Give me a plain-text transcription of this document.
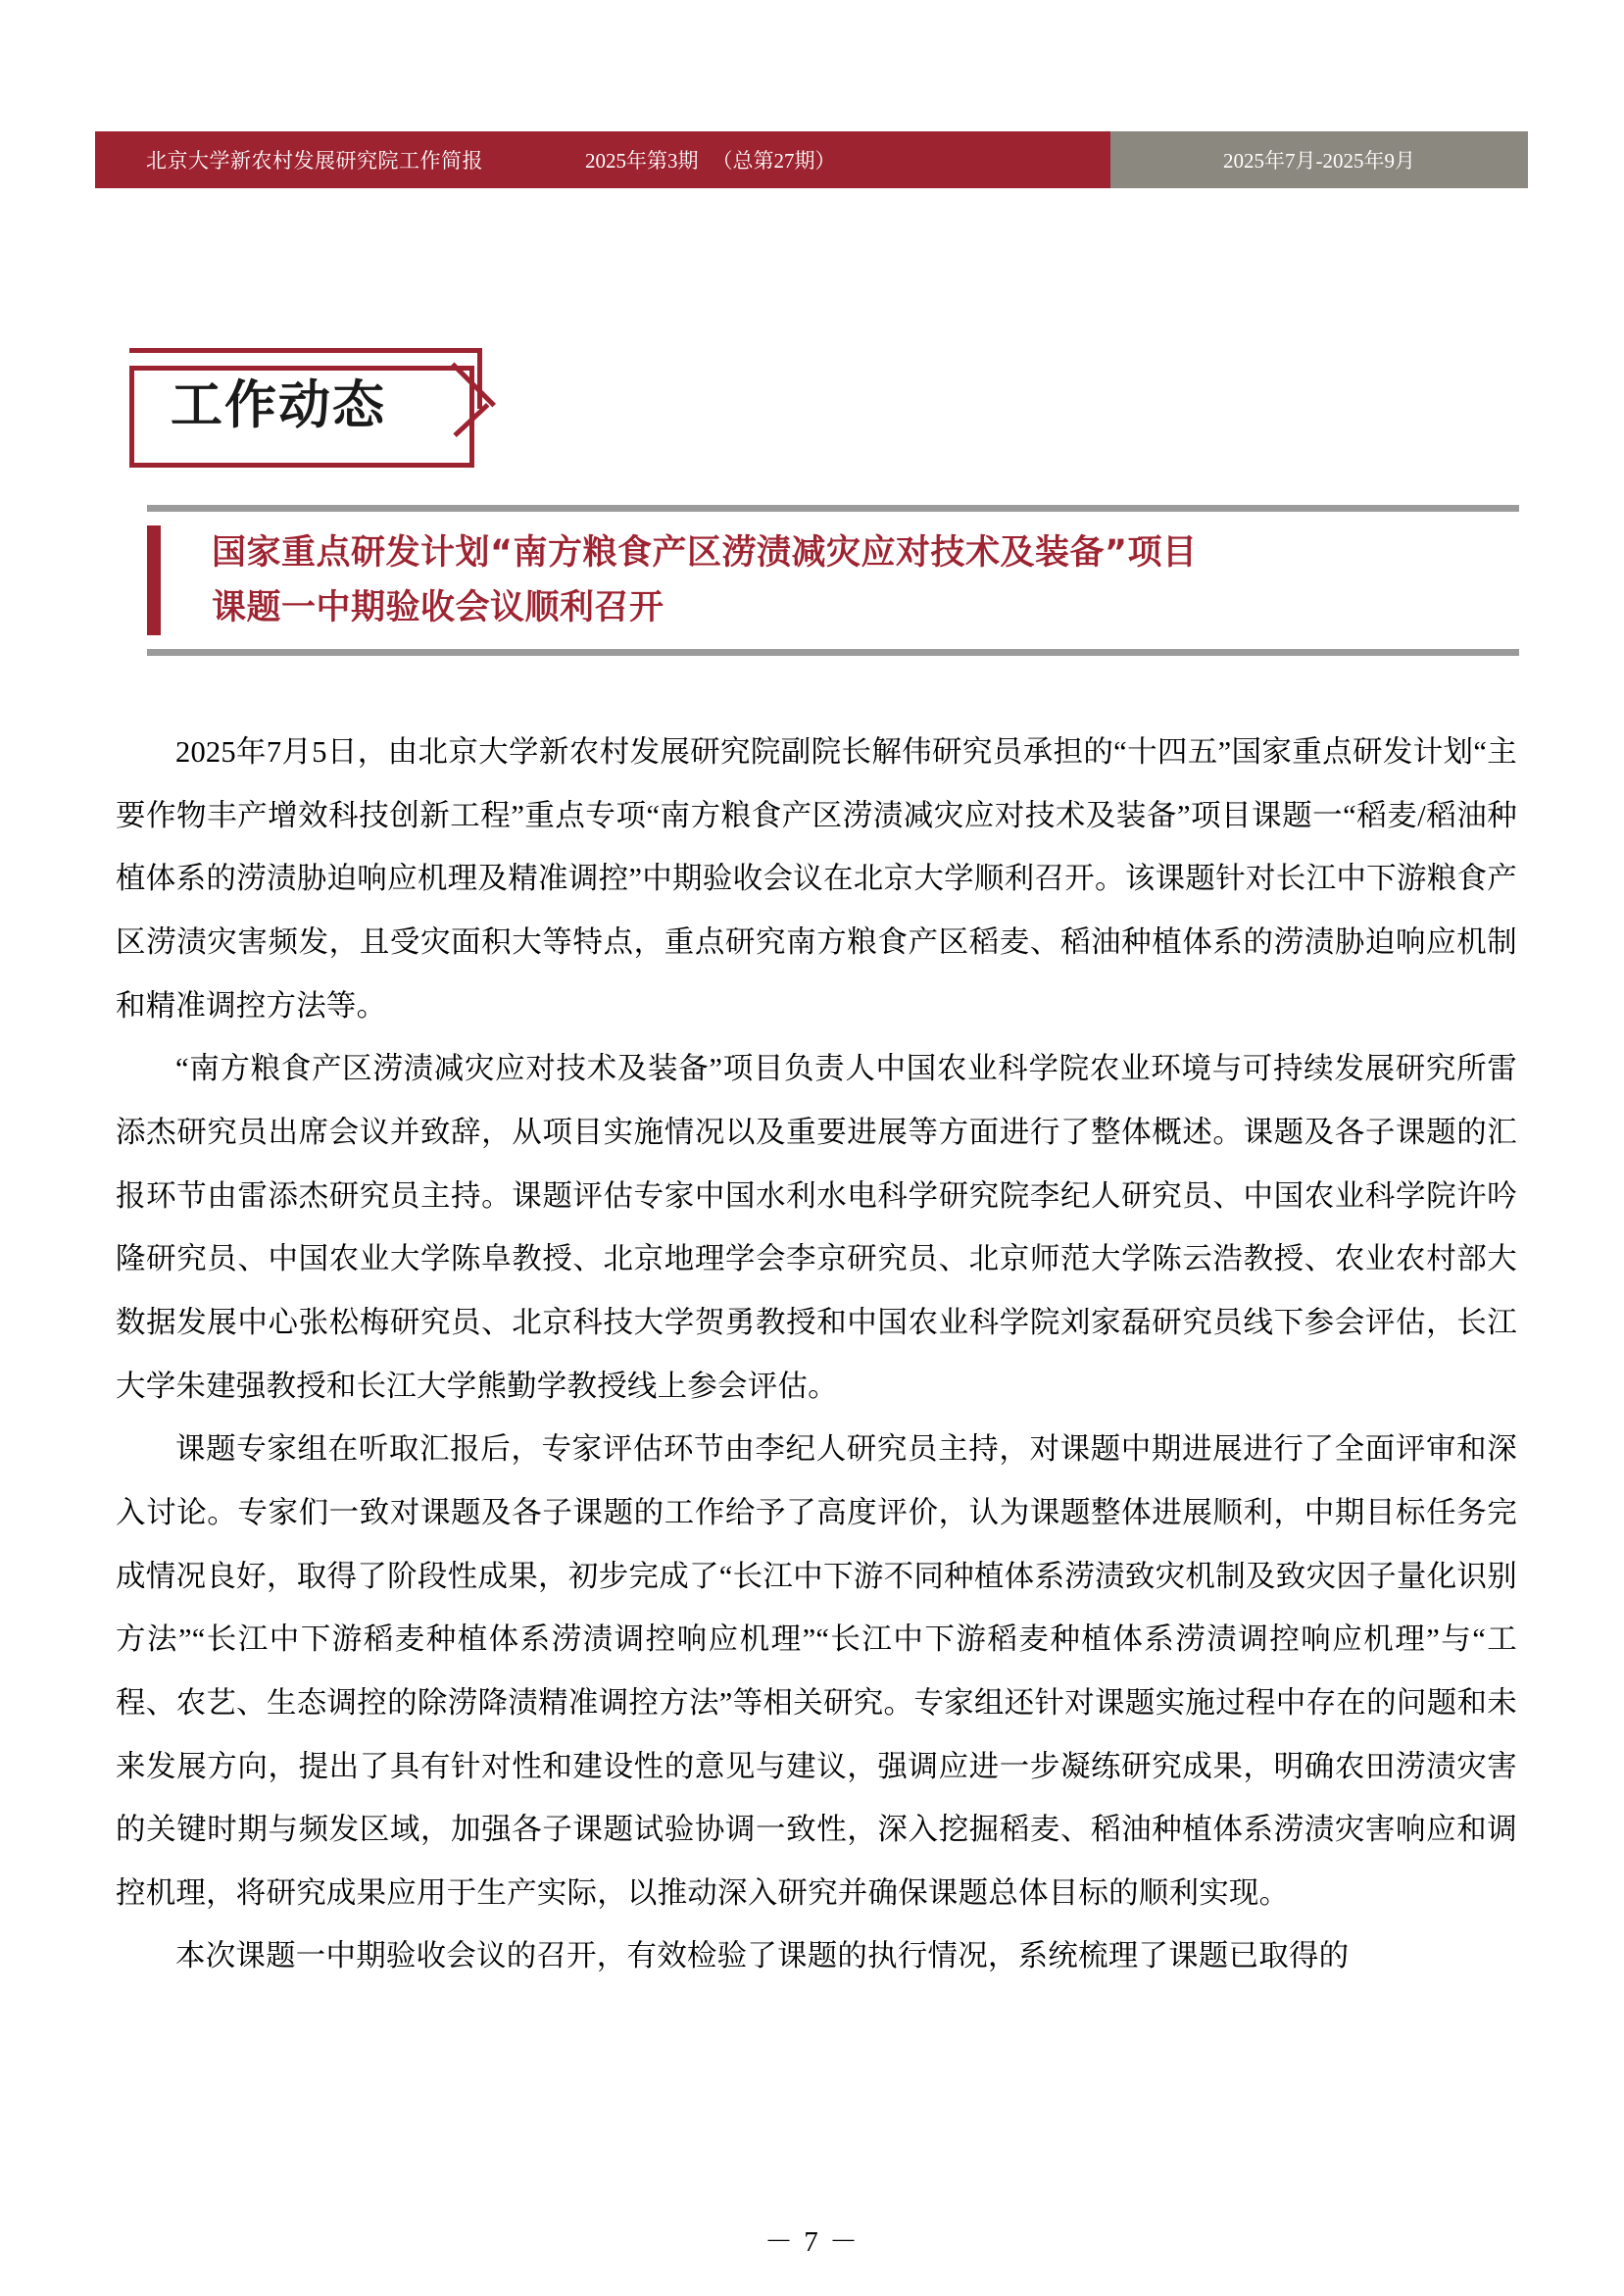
北京大学新农村发展研究院工作简报	2025年第3期 （总第27期）	2025年7月-2025年9月
工作动态
国家重点研发计划“南方粮食产区涝渍减灾应对技术及装备”项目
课题一中期验收会议顺利召开

2025年7月5日，由北京大学新农村发展研究院副院长解伟研究员承担的“十四五”国家重点研发计划“主要作物丰产增效科技创新工程”重点专项“南方粮食产区涝渍减灾应对技术及装备”项目课题一“稻麦/稻油种植体系的涝渍胁迫响应机理及精准调控”中期验收会议在北京大学顺利召开。该课题针对长江中下游粮食产区涝渍灾害频发，且受灾面积大等特点，重点研究南方粮食产区稻麦、稻油种植体系的涝渍胁迫响应机制和精准调控方法等。

“南方粮食产区涝渍减灾应对技术及装备”项目负责人中国农业科学院农业环境与可持续发展研究所雷添杰研究员出席会议并致辞，从项目实施情况以及重要进展等方面进行了整体概述。课题及各子课题的汇报环节由雷添杰研究员主持。课题评估专家中国水利水电科学研究院李纪人研究员、中国农业科学院许吟隆研究员、中国农业大学陈阜教授、北京地理学会李京研究员、北京师范大学陈云浩教授、农业农村部大数据发展中心张松梅研究员、北京科技大学贺勇教授和中国农业科学院刘家磊研究员线下参会评估，长江大学朱建强教授和长江大学熊勤学教授线上参会评估。

课题专家组在听取汇报后，专家评估环节由李纪人研究员主持，对课题中期进展进行了全面评审和深入讨论。专家们一致对课题及各子课题的工作给予了高度评价，认为课题整体进展顺利，中期目标任务完成情况良好，取得了阶段性成果，初步完成了“长江中下游不同种植体系涝渍致灾机制及致灾因子量化识别方法”“长江中下游稻麦种植体系涝渍调控响应机理”“长江中下游稻麦种植体系涝渍调控响应机理”与“工程、农艺、生态调控的除涝降渍精准调控方法”等相关研究。专家组还针对课题实施过程中存在的问题和未来发展方向，提出了具有针对性和建设性的意见与建议，强调应进一步凝练研究成果，明确农田涝渍灾害的关键时期与频发区域，加强各子课题试验协调一致性，深入挖掘稻麦、稻油种植体系涝渍灾害响应和调控机理，将研究成果应用于生产实际，以推动深入研究并确保课题总体目标的顺利实现。

本次课题一中期验收会议的召开，有效检验了课题的执行情况，系统梳理了课题已取得的

－ 7 －
